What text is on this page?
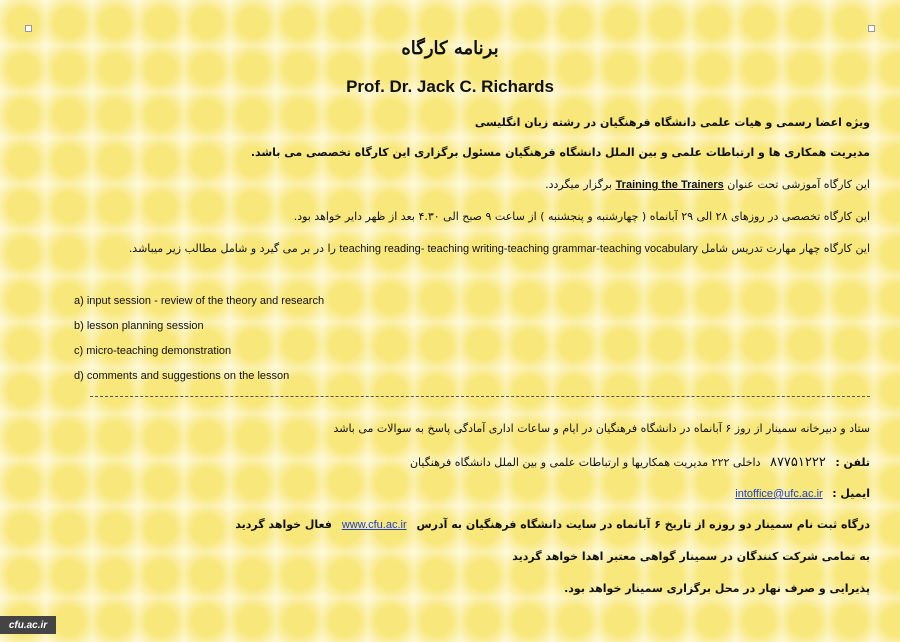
برنامه کارگاه
Prof. Dr. Jack C. Richards
ویژه اعضا رسمی و هیات علمی دانشگاه فرهنگیان در رشته زبان انگلیسی
مدیریت همکاری ها و ارتباطات علمی و بین الملل دانشگاه فرهنگیان مسئول برگزاری این کارگاه تخصصی می باشد.
این کارگاه آموزشی تحت عنوان Training the Trainers برگزار میگردد.
این کارگاه تخصصی در روزهای ۲۸ الی ۲۹ آبانماه ( چهارشنبه و پنجشنبه ) از ساعت ۹ صبح الی ۴.۳۰ بعد از ظهر دایر خواهد بود.
این کارگاه چهار مهارت تدریس شامل teaching reading- teaching writing-teaching grammar-teaching vocabulary را در بر می گیرد و شامل مطالب زیر میباشد.
a) input session - review of the theory and research
b) lesson planning session
c) micro-teaching demonstration
d) comments and suggestions on the lesson
ستاد و دبیرخانه سمینار از روز ۶ آبانماه در دانشگاه فرهنگیان در ایام و ساعات اداری آمادگی پاسخ به سوالات می باشد
تلفن : ۸۷۷۵۱۲۲۲ داخلی ۲۲۲ مدیریت همکاریها و ارتباطات علمی و بین الملل دانشگاه فرهنگیان
ایمیل : intoffice@ufc.ac.ir
درگاه ثبت نام سمینار دو روزه از تاریخ ۶ آبانماه در سایت دانشگاه فرهنگیان به آدرس www.cfu.ac.ir فعال خواهد گردید
به تمامی شرکت کنندگان در سمینار گواهی معتبر اهدا خواهد گردید
پذیرایی و صرف نهار در محل برگزاری سمینار خواهد بود.
cfu.ac.ir
